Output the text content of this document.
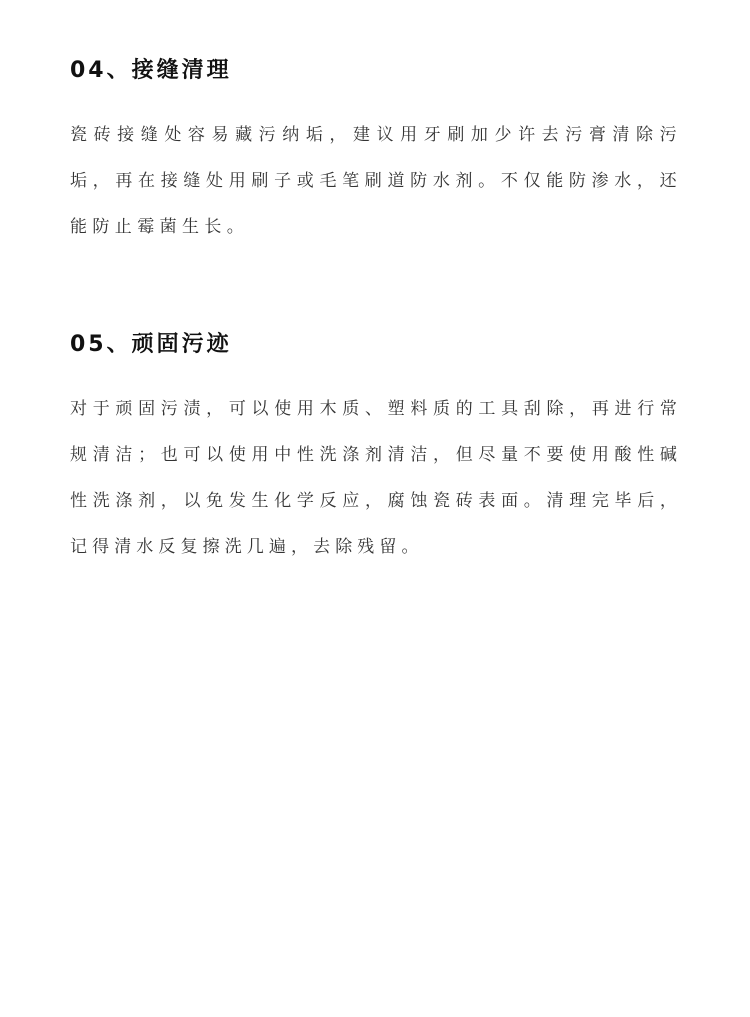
04、接缝清理

瓷砖接缝处容易藏污纳垢，建议用牙刷加少许去污膏清除污垢，再在接缝处用刷子或毛笔刷道防水剂。不仅能防渗水，还能防止霉菌生长。

05、顽固污迹

对于顽固污渍，可以使用木质、塑料质的工具刮除，再进行常规清洁；也可以使用中性洗涤剂清洁，但尽量不要使用酸性碱性洗涤剂，以免发生化学反应，腐蚀瓷砖表面。清理完毕后，记得清水反复擦洗几遍，去除残留。
